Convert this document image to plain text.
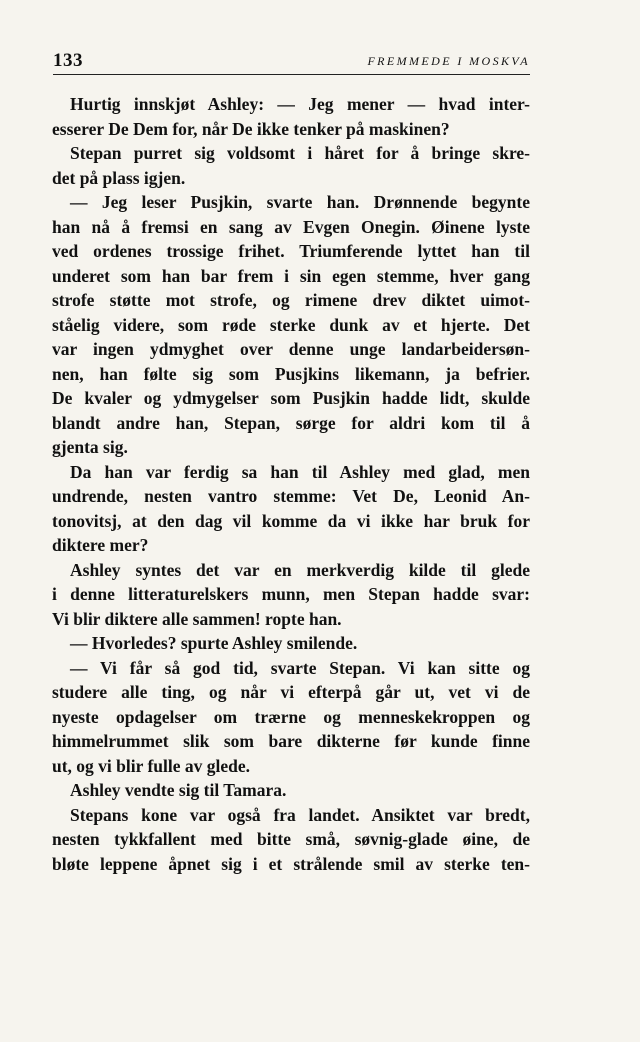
133	FREMMEDE I MOSKVA
Hurtig innskjøt Ashley: — Jeg mener — hvad inter-
esserer De Dem for, når De ikke tenker på maskinen?
Stepan purret sig voldsomt i håret for å bringe skre-
det på plass igjen.
— Jeg leser Pusjkin, svarte han. Drønnende begynte
han nå å fremsi en sang av Evgen Onegin. Øinene lyste
ved ordenes trossige frihet. Triumferende lyttet han til
underet som han bar frem i sin egen stemme, hver gang
strofe støtte mot strofe, og rimene drev diktet uimot-
ståelig videre, som røde sterke dunk av et hjerte. Det
var ingen ydmyghet over denne unge landarbeidersøn-
nen, han følte sig som Pusjkins likemann, ja befrier.
De kvaler og ydmygelser som Pusjkin hadde lidt, skulde
blandt andre han, Stepan, sørge for aldri kom til å
gjenta sig.
Da han var ferdig sa han til Ashley med glad, men
undrende, nesten vantro stemme: Vet De, Leonid An-
tonovitsj, at den dag vil komme da vi ikke har bruk for
diktere mer?
Ashley syntes det var en merkverdig kilde til glede
i denne litteraturelskers munn, men Stepan hadde svar:
Vi blir diktere alle sammen! ropte han.
— Hvorledes? spurte Ashley smilende.
— Vi får så god tid, svarte Stepan. Vi kan sitte og
studere alle ting, og når vi efterpå går ut, vet vi de
nyeste opdagelser om trærne og menneskekroppen og
himmelrummet slik som bare dikterne før kunde finne
ut, og vi blir fulle av glede.
Ashley vendte sig til Tamara.
Stepans kone var også fra landet. Ansiktet var bredt,
nesten tykkfallent med bitte små, søvnig-glade øine, de
bløte leppene åpnet sig i et strålende smil av sterke ten-
